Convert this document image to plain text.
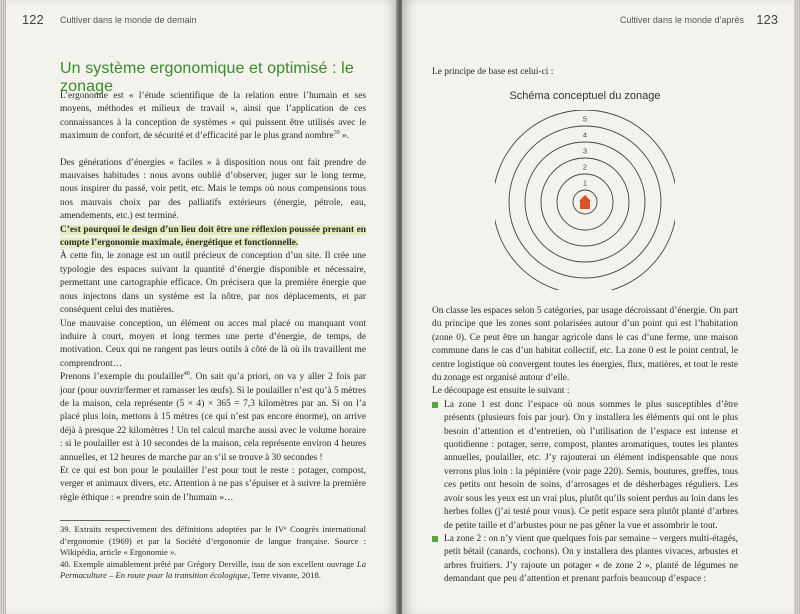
122 Cultiver dans le monde de demain
Un système ergonomique et optimisé : le zonage

L’ergonomie est « l’étude scientifique de la relation entre l’humain et ses moyens, méthodes et milieux de travail », ainsi que l’application de ces connaissances à la conception de systèmes « qui puissent être utilisés avec le maximum de confort, de sécurité et d’efficacité par le plus grand nombre$^{39}$ ».

Des générations d’énergies « faciles » à disposition nous ont fait prendre de mauvaises habitudes : nous avons oublié d’observer, juger sur le long terme, nous inspirer du passé, voir petit, etc. Mais le temps où nous compensions tous nos mauvais choix par des palliatifs extérieurs (énergie, pétrole, eau, amendements, etc.) est terminé.

C’est pourquoi le design d’un lieu doit être une réflexion poussée prenant en compte l’ergonomie maximale, énergétique et fonctionnelle.

À cette fin, le zonage est un outil précieux de conception d’un site. Il crée une typologie des espaces suivant la quantité d’énergie disponible et nécessaire, permettant une cartographie efficace. On précisera que la première énergie que nous injectons dans un système est la nôtre, par nos déplacements, et par conséquent celui des matières.

Une mauvaise conception, un élément ou acces mal placé ou manquant vont induire à court, moyen et long termes une perte d’énergie, de temps, de motivation. Ceux qui ne rangent pas leurs outils à côté de là où ils travaillent me comprendront…

Prenons l’exemple du poulailler$^{40}$. On sait qu’a priori, on va y aller 2 fois par jour (pour ouvrir/fermer et ramasser les œufs). Si le poulailler n’est qu’à 5 mètres de la maison, cela représente (5 × 4) × 365 = 7,3 kilomètres par an. Si on l’a placé plus loin, mettons à 15 mètres (ce qui n’est pas encore énorme), on arrive déjà à presque 22 kilomètres ! Un tel calcul marche aussi avec le volume horaire : si le poulailler est à 10 secondes de la maison, cela représente environ 4 heures annuelles, et 12 heures de marche par an s’il se trouve à 30 secondes !

Et ce qui est bon pour le poulailler l’est pour tout le reste : potager, compost, verger et animaux divers, etc. Attention à ne pas s’épuiser et à suivre la première règle éthique : « prendre soin de l’humain »…

39. Extraits respectivement des définitions adoptées par le IVᵉ Congrès international d’ergonomie (1969) et par la Société d’ergonomie de langue française. Source : Wikipédia, article « Ergonomie ».

40. Exemple aimablement prêté par Grégory Derville, issu de son excellent ouvrage La Permaculture – En route pour la transition écologique, Terre vivante, 2018.

Cultiver dans le monde d’après 123
Le principe de base est celui-ci :
Schéma conceptuel du zonage
1
2
3
4
5

On classe les espaces selon 5 catégories, par usage décroissant d’énergie. On part du principe que les zones sont polarisées autour d’un point qui est l’habitation (zone 0). Ce peut être un hangar agricole dans le cas d’une ferme, une maison commune dans le cas d’un habitat collectif, etc. La zone 0 est le point central, le centre logistique où convergent toutes les énergies, flux, matières, et tout le reste du zonage est organisé autour d’elle.

Le découpage est ensuite le suivant :

La zone 1 est donc l’espace où nous sommes le plus susceptibles d’être présents (plusieurs fois par jour). On y installera les éléments qui ont le plus besoin d’attention et d’entretien, où l’utilisation de l’espace est intense et quotidienne : potager, serre, compost, plantes aromatiques, toutes les plantes annuelles, poulailler, etc. J’y rajouterai un élément indispensable que nous verrons plus loin : la pépinière (voir page 220). Semis, boutures, greffes, tous ces petits ont besoin de soins, d’arrosages et de désherbages réguliers. Les avoir sous les yeux est un vrai plus, plutôt qu’ils soient perdus au loin dans les herbes folles (j’ai testé pour vous). Ce petit espace sera plutôt planté d’arbres de petite taille et d’arbustes pour ne pas gêner la vue et assombrir le tout.
La zone 2 : on n’y vient que quelques fois par semaine – vergers multi-étagés, petit bétail (canards, cochons). On y installera des plantes vivaces, arbustes et arbres fruitiers. J’y rajoute un potager « de zone 2 », planté de légumes ne demandant que peu d’attention et prenant parfois beaucoup d’espace :
